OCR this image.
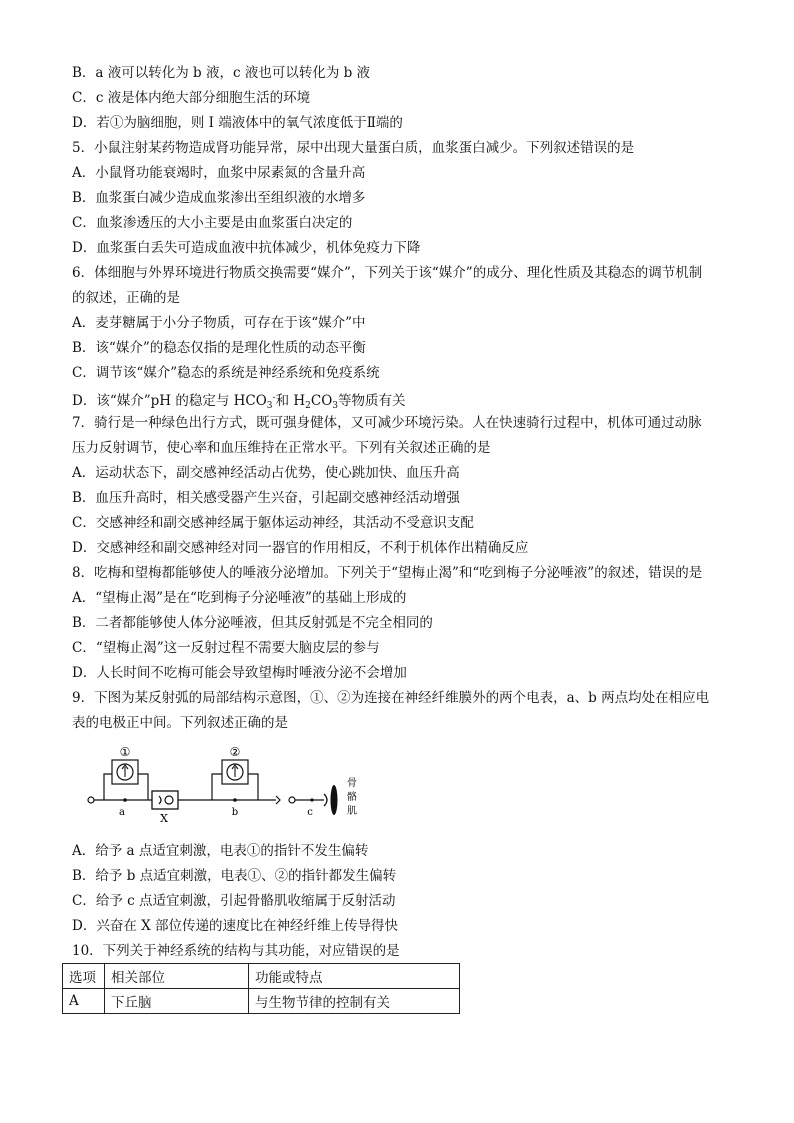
B．a 液可以转化为 b 液，c 液也可以转化为 b 液
C．c 液是体内绝大部分细胞生活的环境
D．若①为脑细胞，则 I 端液体中的氧气浓度低于Ⅱ端的
5．小鼠注射某药物造成肾功能异常，尿中出现大量蛋白质，血浆蛋白减少。下列叙述错误的是
A．小鼠肾功能衰竭时，血浆中尿素氮的含量升高
B．血浆蛋白减少造成血浆渗出至组织液的水增多
C．血浆渗透压的大小主要是由血浆蛋白决定的
D．血浆蛋白丢失可造成血液中抗体减少，机体免疫力下降
6．体细胞与外界环境进行物质交换需要“媒介”，下列关于该“媒介”的成分、理化性质及其稳态的调节机制
的叙述，正确的是
A．麦芽糖属于小分子物质，可存在于该“媒介”中
B．该“媒介”的稳态仅指的是理化性质的动态平衡
C．调节该“媒介”稳态的系统是神经系统和免疫系统
D．该“媒介”pH 的稳定与 $HCO_3^-$和 $H_2CO_3$等物质有关
7．骑行是一种绿色出行方式，既可强身健体，又可减少环境污染。人在快速骑行过程中，机体可通过动脉
压力反射调节，使心率和血压维持在正常水平。下列有关叙述正确的是
A．运动状态下，副交感神经活动占优势，使心跳加快、血压升高
B．血压升高时，相关感受器产生兴奋，引起副交感神经活动增强
C．交感神经和副交感神经属于躯体运动神经，其活动不受意识支配
D．交感神经和副交感神经对同一器官的作用相反，不利于机体作出精确反应
8．吃梅和望梅都能够使人的唾液分泌增加。下列关于“望梅止渴”和“吃到梅子分泌唾液”的叙述，错误的是
A．“望梅止渴”是在“吃到梅子分泌唾液”的基础上形成的
B．二者都能够使人体分泌唾液，但其反射弧是不完全相同的
C．“望梅止渴”这一反射过程不需要大脑皮层的参与
D．人长时间不吃梅可能会导致望梅时唾液分泌不会增加
9．下图为某反射弧的局部结构示意图，①、②为连接在神经纤维膜外的两个电表，a、b 两点均处在相应电
表的电极正中间。下列叙述正确的是
①	②
a	b	c
X
骨
骼
肌
A．给予 a 点适宜刺激，电表①的指针不发生偏转
B．给予 b 点适宜刺激，电表①、②的指针都发生偏转
C．给予 c 点适宜刺激，引起骨骼肌收缩属于反射活动
D．兴奋在 X 部位传递的速度比在神经纤维上传导得快
10．下列关于神经系统的结构与其功能，对应错误的是
选项	相关部位	功能或特点
A	下丘脑	与生物节律的控制有关
